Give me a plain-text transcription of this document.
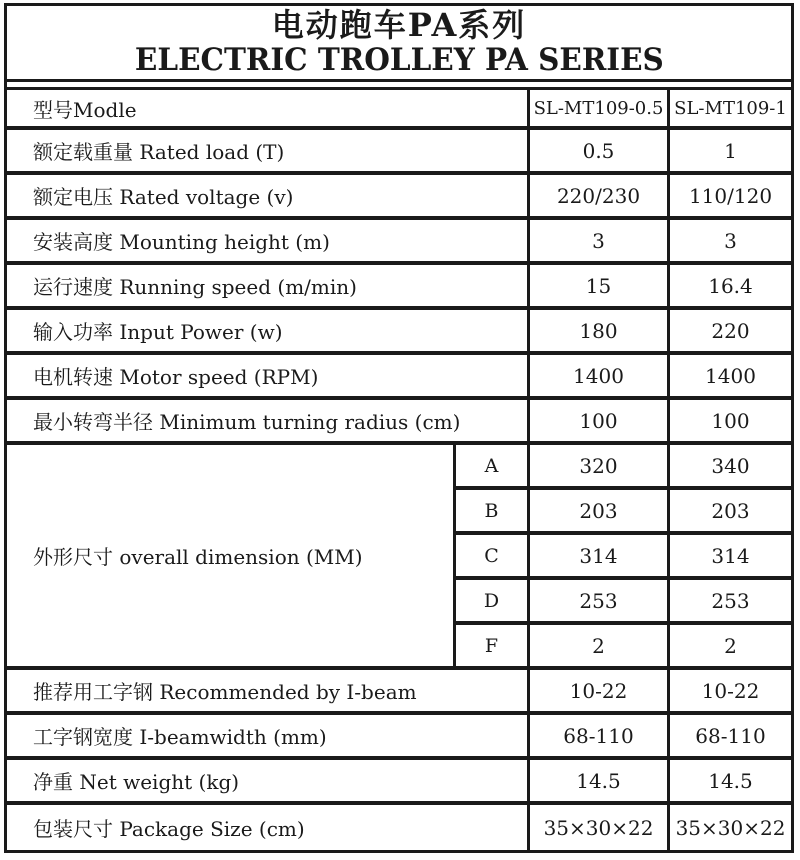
电动跑车PA系列
ELECTRIC TROLLEY PA SERIES
型号Modle	SL-MT109-0.5 SL-MT109-1
额定载重量 Rated load (T)	0.5	1
额定电压 Rated voltage (v)	220/230	110/120
安装高度 Mounting height (m)	3	3
运行速度 Running speed (m/min)	15	16.4
输入功率 Input Power (w)	180	220
电机转速 Motor speed (RPM)	1400	1400
最小转弯半径 Minimum turning radius (cm)	100	100
外形尺寸 overall dimension (MM)
A	320	340
B	203	203
C	314	314
D	253	253
F	2	2
推荐用工字钢 Recommended by I-beam	10-22	10-22
工字钢宽度 I-beamwidth (mm)	68-110	68-110
净重 Net weight (kg)	14.5	14.5
包装尺寸 Package Size (cm)	35×30×22	35×30×22
